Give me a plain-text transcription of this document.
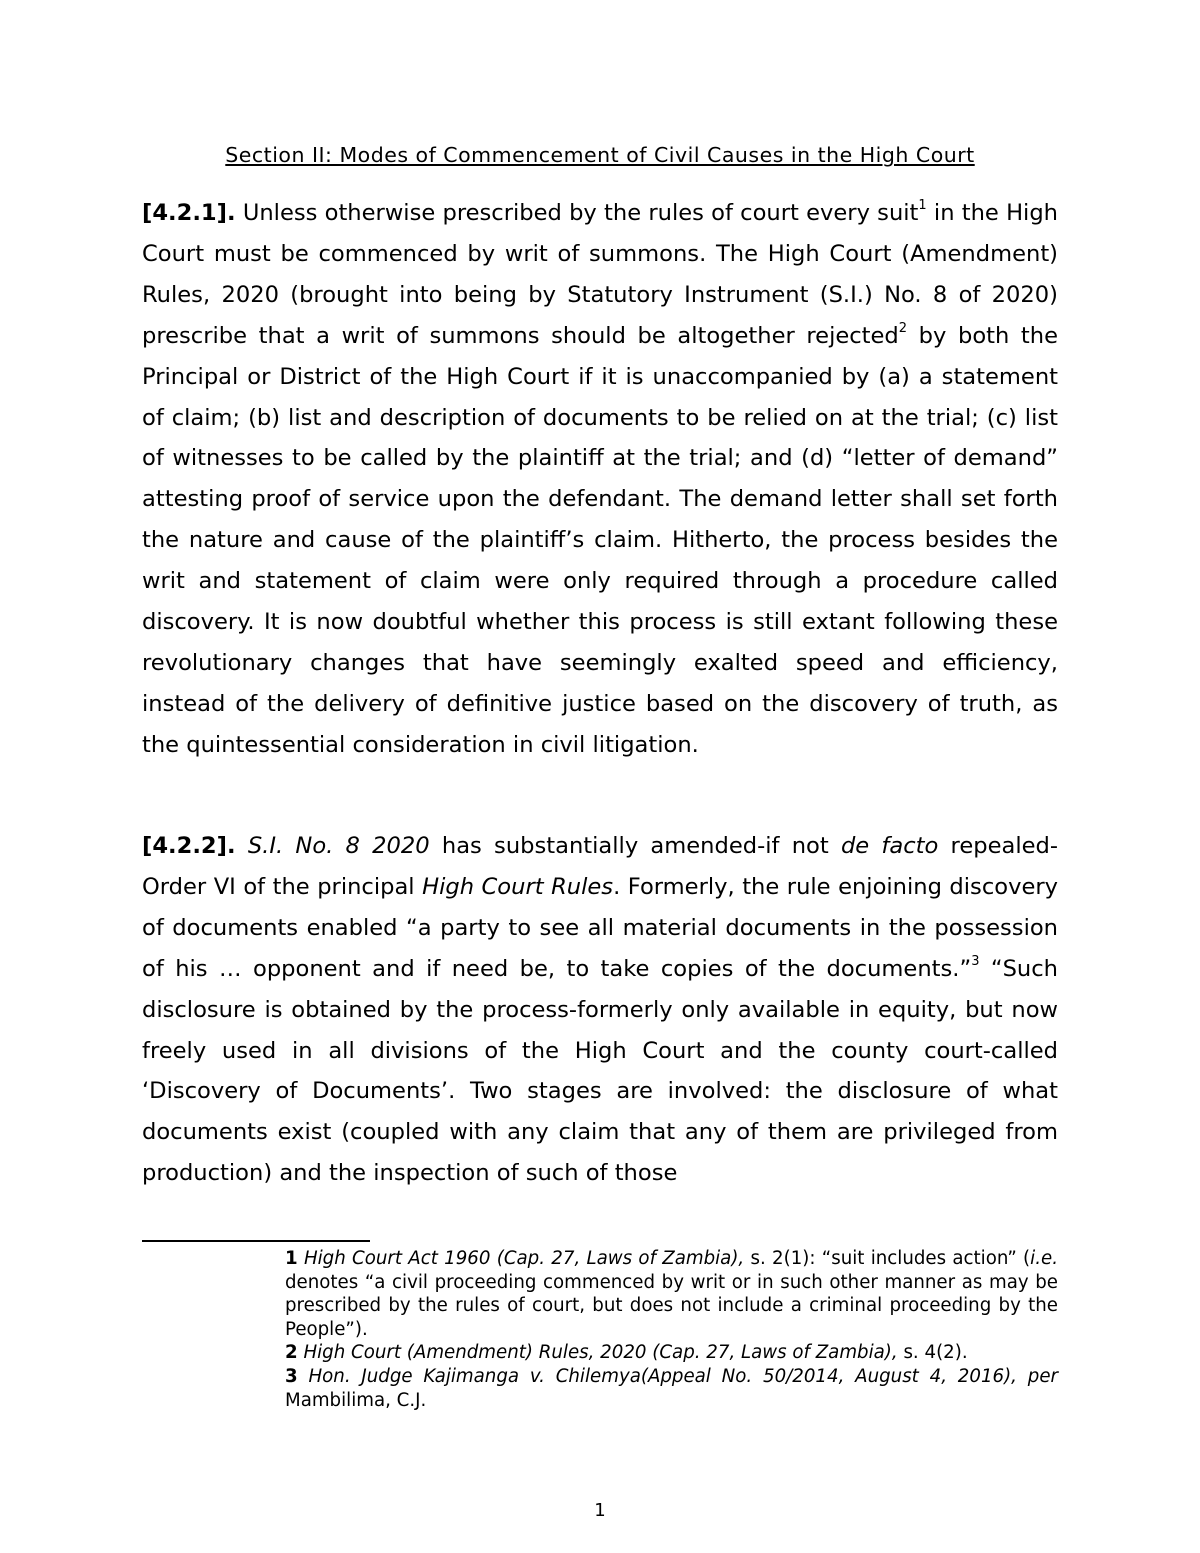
Section II: Modes of Commencement of Civil Causes in the High Court

[4.2.1]. Unless otherwise prescribed by the rules of court every suit$^1$ in the High Court must be commenced by writ of summons. The High Court (Amendment) Rules, 2020 (brought into being by Statutory Instrument (S.I.) No. 8 of 2020) prescribe that a writ of summons should be altogether rejected$^2$ by both the Principal or District of the High Court if it is unaccompanied by (a) a statement of claim; (b) list and description of documents to be relied on at the trial; (c) list of witnesses to be called by the plaintiff at the trial; and (d) “letter of demand” attesting proof of service upon the defendant. The demand letter shall set forth the nature and cause of the plaintiff’s claim. Hitherto, the process besides the writ and statement of claim were only required through a procedure called discovery. It is now doubtful whether this process is still extant following these revolutionary changes that have seemingly exalted speed and efficiency, instead of the delivery of definitive justice based on the discovery of truth, as the quintessential consideration in civil litigation.

[4.2.2]. S.I. No. 8 2020 has substantially amended-if not de facto repealed-Order VI of the principal High Court Rules. Formerly, the rule enjoining discovery of documents enabled “a party to see all material documents in the possession of his … opponent and if need be, to take copies of the documents.”$^3$ “Such disclosure is obtained by the process-formerly only available in equity, but now freely used in all divisions of the High Court and the county court-called ‘Discovery of Documents’. Two stages are involved: the disclosure of what documents exist (coupled with any claim that any of them are privileged from production) and the inspection of such of those

1 High Court Act 1960 (Cap. 27, Laws of Zambia), s. 2(1): “suit includes action” (i.e. denotes “a civil proceeding commenced by writ or in such other manner as may be prescribed by the rules of court, but does not include a criminal proceeding by the People”).

2 High Court (Amendment) Rules, 2020 (Cap. 27, Laws of Zambia), s. 4(2).

3 Hon. Judge Kajimanga v. Chilemya(Appeal No. 50/2014, August 4, 2016), per Mambilima, C.J.

1
